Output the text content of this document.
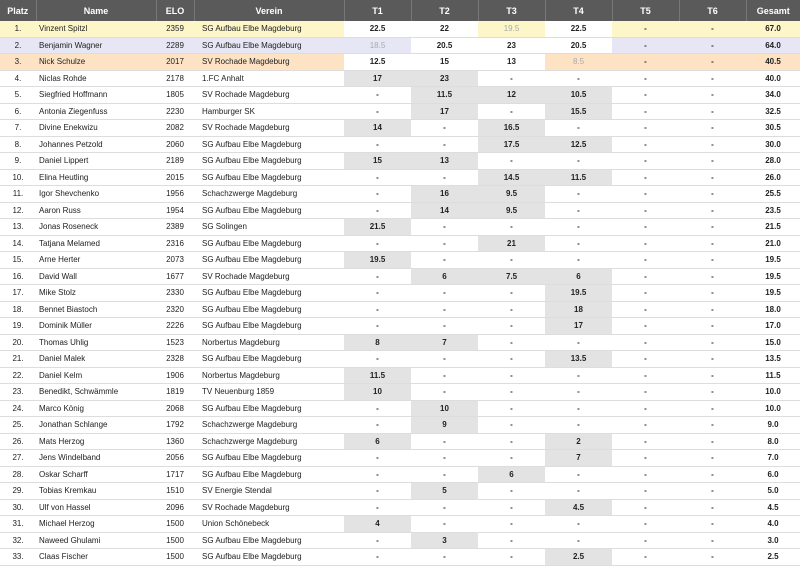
Platz	Name	ELO	Verein	T1	T2	T3	T4	T5	T6	Gesamt
1.	Vinzent Spitzl	2359	SG Aufbau Elbe Magdeburg	22.5	22	19.5	22.5	-	-	67.0
2.	Benjamin Wagner	2289	SG Aufbau Elbe Magdeburg	18.5	20.5	23	20.5	-	-	64.0
3.	Nick Schulze	2017	SV Rochade Magdeburg	12.5	15	13	8.5	-	-	40.5
4.	Niclas Rohde	2178	1.FC Anhalt	17	23	-	-	-	-	40.0
5.	Siegfried Hoffmann	1805	SV Rochade Magdeburg	-	11.5	12	10.5	-	-	34.0
6.	Antonia Ziegenfuss	2230	Hamburger SK	-	17	-	15.5	-	-	32.5
7.	Divine Enekwizu	2082	SV Rochade Magdeburg	14	-	16.5	-	-	-	30.5
8.	Johannes Petzold	2060	SG Aufbau Elbe Magdeburg	-	-	17.5	12.5	-	-	30.0
9.	Daniel Lippert	2189	SG Aufbau Elbe Magdeburg	15	13	-	-	-	-	28.0
10.	Elina Heutling	2015	SG Aufbau Elbe Magdeburg	-	-	14.5	11.5	-	-	26.0
11.	Igor Shevchenko	1956	Schachzwerge Magdeburg	-	16	9.5	-	-	-	25.5
12.	Aaron Russ	1954	SG Aufbau Elbe Magdeburg	-	14	9.5	-	-	-	23.5
13.	Jonas Roseneck	2389	SG Solingen	21.5	-	-	-	-	-	21.5
14.	Tatjana Melamed	2316	SG Aufbau Elbe Magdeburg	-	-	21	-	-	-	21.0
15.	Arne Herter	2073	SG Aufbau Elbe Magdeburg	19.5	-	-	-	-	-	19.5
16.	David Wall	1677	SV Rochade Magdeburg	-	6	7.5	6	-	-	19.5
17.	Mike Stolz	2330	SG Aufbau Elbe Magdeburg	-	-	-	19.5	-	-	19.5
18.	Bennet Biastoch	2320	SG Aufbau Elbe Magdeburg	-	-	-	18	-	-	18.0
19.	Dominik Müller	2226	SG Aufbau Elbe Magdeburg	-	-	-	17	-	-	17.0
20.	Thomas Uhlig	1523	Norbertus Magdeburg	8	7	-	-	-	-	15.0
21.	Daniel Malek	2328	SG Aufbau Elbe Magdeburg	-	-	-	13.5	-	-	13.5
22.	Daniel Kelm	1906	Norbertus Magdeburg	11.5	-	-	-	-	-	11.5
23.	Benedikt, Schwämmle	1819	TV Neuenburg 1859	10	-	-	-	-	-	10.0
24.	Marco König	2068	SG Aufbau Elbe Magdeburg	-	10	-	-	-	-	10.0
25.	Jonathan Schlange	1792	Schachzwerge Magdeburg	-	9	-	-	-	-	9.0
26.	Mats Herzog	1360	Schachzwerge Magdeburg	6	-	-	2	-	-	8.0
27.	Jens Windelband	2056	SG Aufbau Elbe Magdeburg	-	-	-	7	-	-	7.0
28.	Oskar Scharff	1717	SG Aufbau Elbe Magdeburg	-	-	6	-	-	-	6.0
29.	Tobias Kremkau	1510	SV Energie Stendal	-	5	-	-	-	-	5.0
30.	Ulf von Hassel	2096	SV Rochade Magdeburg	-	-	-	4.5	-	-	4.5
31.	Michael Herzog	1500	Union Schönebeck	4	-	-	-	-	-	4.0
32.	Naweed Ghulami	1500	SG Aufbau Elbe Magdeburg	-	3	-	-	-	-	3.0
33.	Claas Fischer	1500	SG Aufbau Elbe Magdeburg	-	-	-	2.5	-	-	2.5
